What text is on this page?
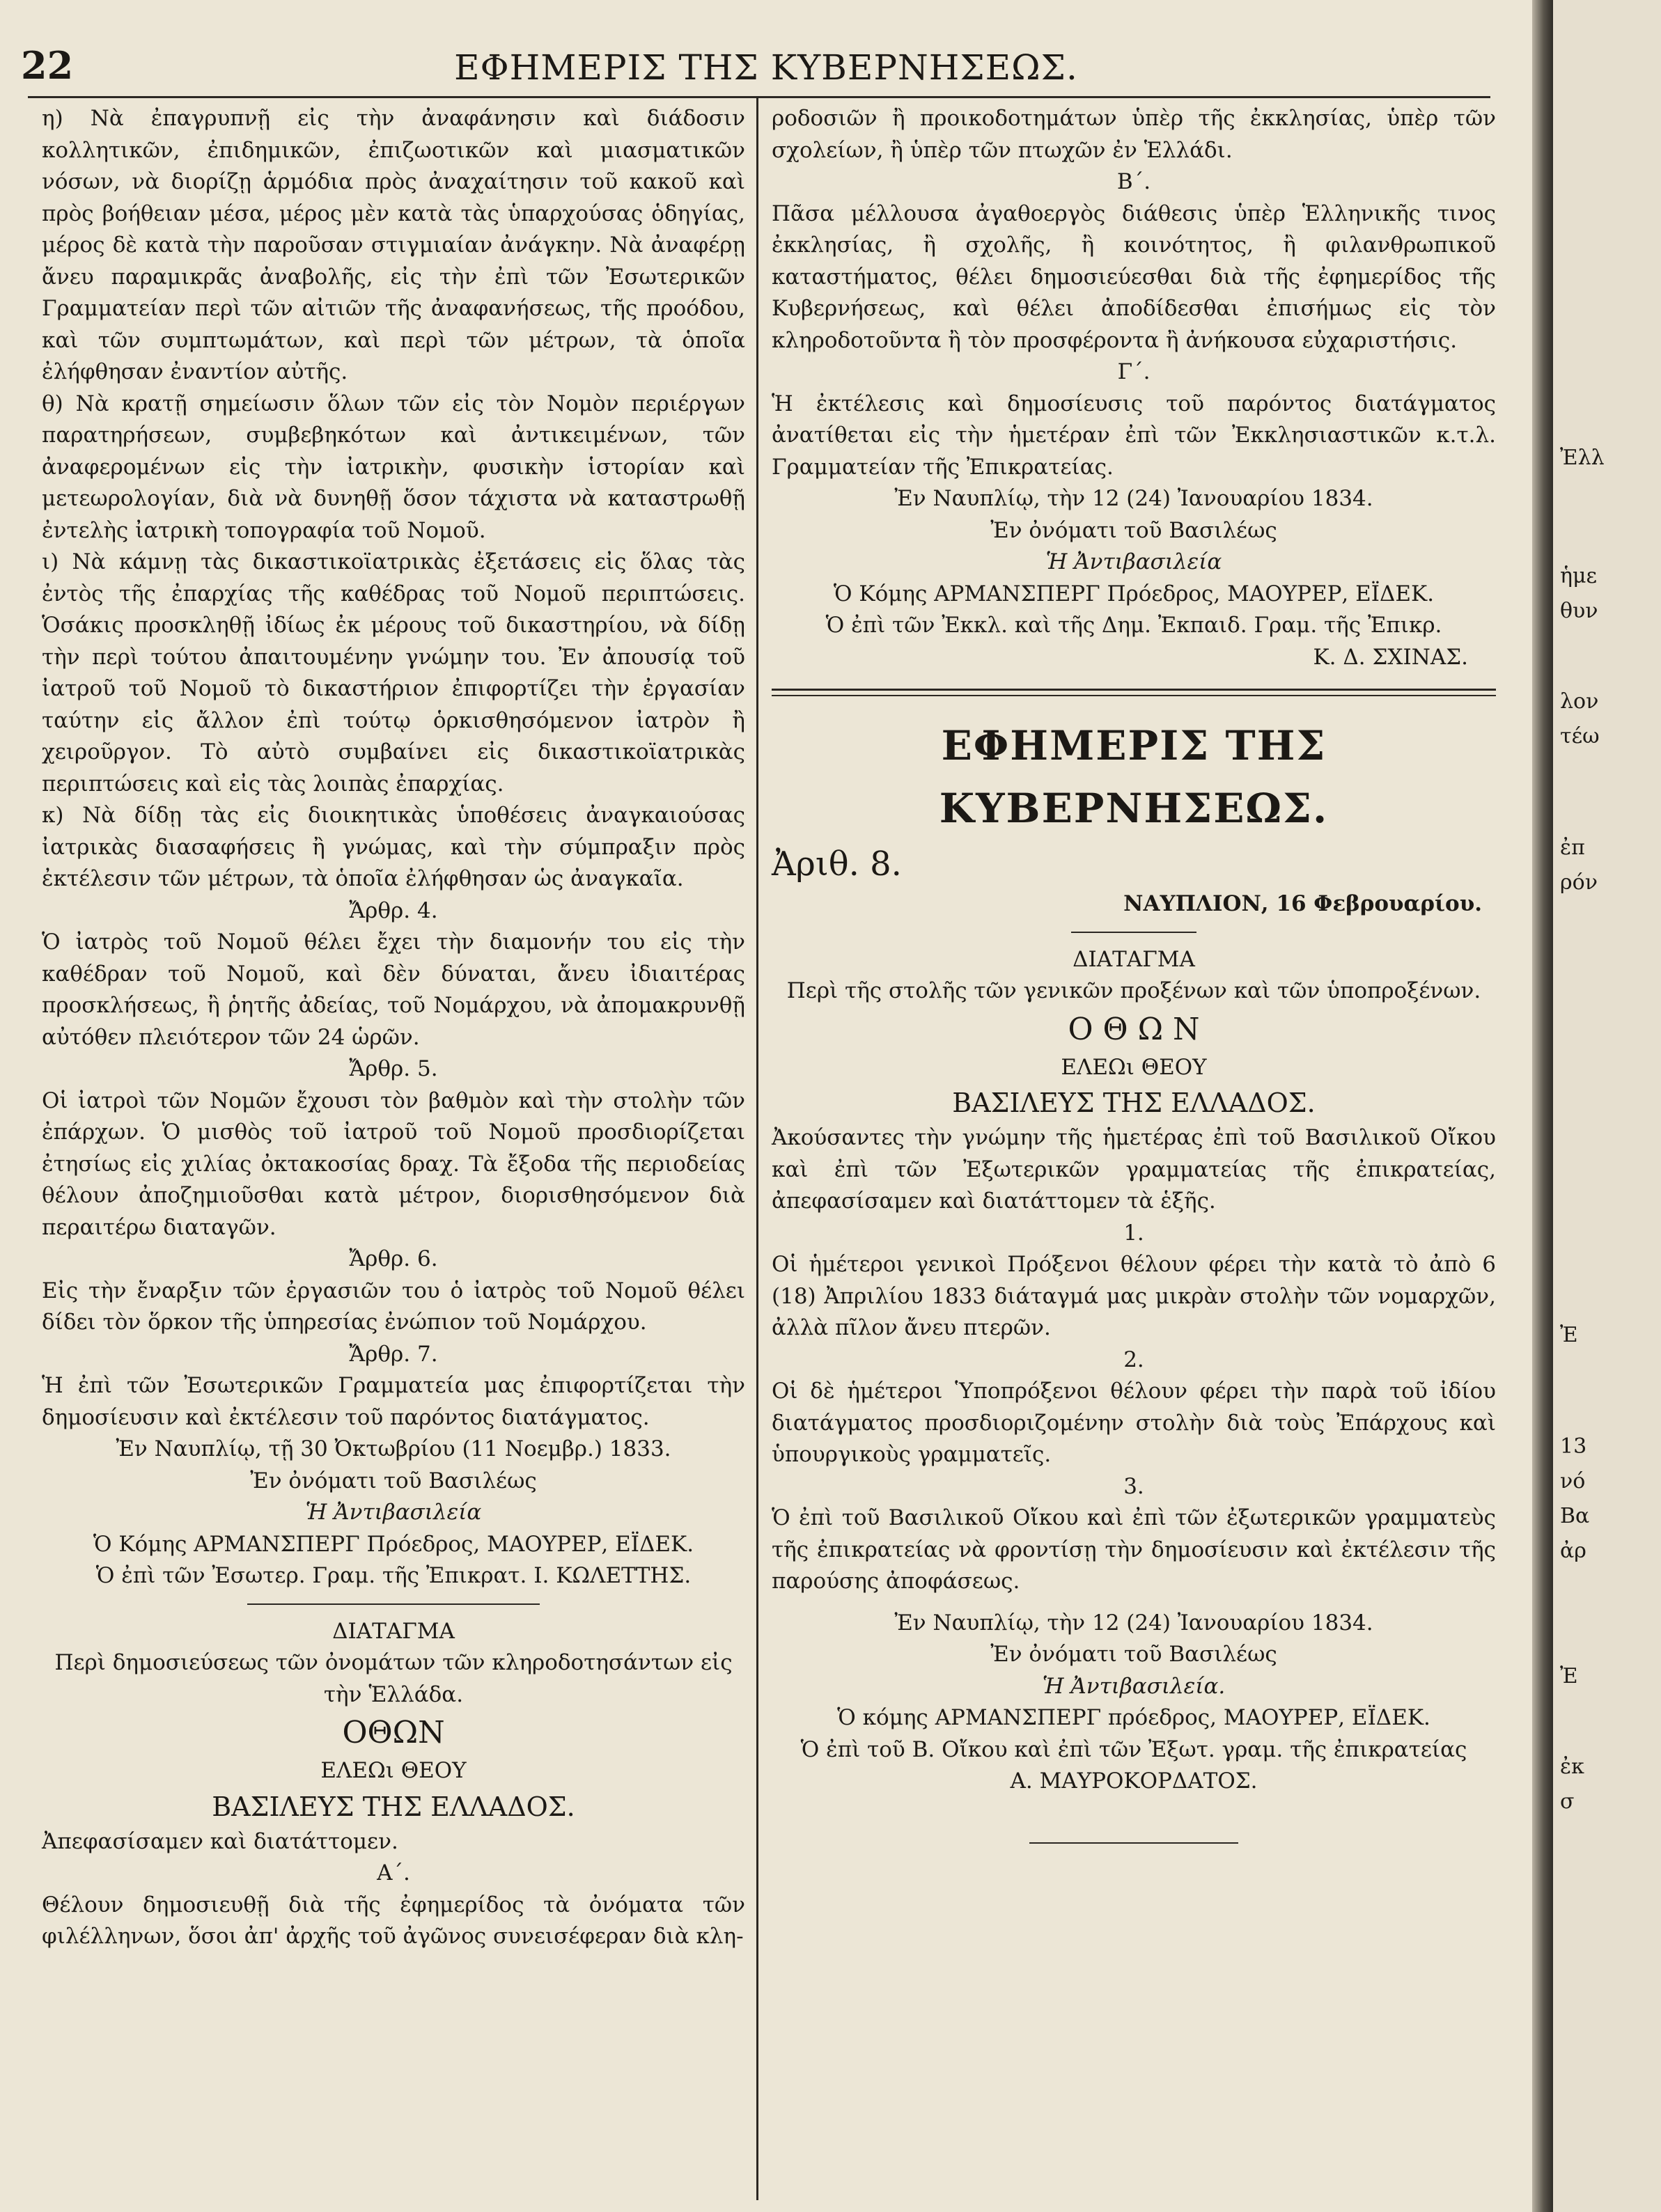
22	ΕΦΗΜΕΡΙΣ ΤΗΣ ΚΥΒΕΡΝΗΣΕΩΣ.
η) Νὰ ἐπαγρυπνῇ εἰς τὴν ἀναφάνησιν καὶ διάδοσιν κολλητικῶν, ἐπιδημικῶν, ἐπιζωοτικῶν καὶ μιασματικῶν νόσων, νὰ διορίζῃ ἁρμόδια πρὸς ἀναχαίτησιν τοῦ κακοῦ καὶ πρὸς βοήθειαν μέσα, μέρος μὲν κατὰ τὰς ὑπαρχούσας ὁδηγίας, μέρος δὲ κατὰ τὴν παροῦσαν στιγμιαίαν ἀνάγκην. Νὰ ἀναφέρῃ ἄνευ παραμικρᾶς ἀναβολῆς, εἰς τὴν ἐπὶ τῶν Ἐσωτερικῶν Γραμματείαν περὶ τῶν αἰτιῶν τῆς ἀναφανήσεως, τῆς προόδου, καὶ τῶν συμπτωμάτων, καὶ περὶ τῶν μέτρων, τὰ ὁποῖα ἐλήφθησαν ἐναντίον αὐτῆς.
θ) Νὰ κρατῇ σημείωσιν ὅλων τῶν εἰς τὸν Νομὸν περιέργων παρατηρήσεων, συμβεβηκότων καὶ ἀντικειμένων, τῶν ἀναφερομένων εἰς τὴν ἰατρικὴν, φυσικὴν ἱστορίαν καὶ μετεωρολογίαν, διὰ νὰ δυνηθῇ ὅσον τάχιστα νὰ καταστρωθῇ ἐντελὴς ἰατρικὴ τοπογραφία τοῦ Νομοῦ.
ι) Νὰ κάμνῃ τὰς δικαστικοϊατρικὰς ἐξετάσεις εἰς ὅλας τὰς ἐντὸς τῆς ἐπαρχίας τῆς καθέδρας τοῦ Νομοῦ περιπτώσεις. Ὁσάκις προσκληθῇ ἰδίως ἐκ μέρους τοῦ δικαστηρίου, νὰ δίδῃ τὴν περὶ τούτου ἀπαιτουμένην γνώμην του. Ἐν ἀπουσίᾳ τοῦ ἰατροῦ τοῦ Νομοῦ τὸ δικαστήριον ἐπιφορτίζει τὴν ἐργασίαν ταύτην εἰς ἄλλον ἐπὶ τούτῳ ὁρκισθησόμενον ἰατρὸν ἢ χειροῦργον. Τὸ αὐτὸ συμβαίνει εἰς δικαστικοϊατρικὰς περιπτώσεις καὶ εἰς τὰς λοιπὰς ἐπαρχίας.
κ) Νὰ δίδῃ τὰς εἰς διοικητικὰς ὑποθέσεις ἀναγκαιούσας ἰατρικὰς διασαφήσεις ἢ γνώμας, καὶ τὴν σύμπραξιν πρὸς ἐκτέλεσιν τῶν μέτρων, τὰ ὁποῖα ἐλήφθησαν ὡς ἀναγκαῖα.
Ἄρθρ. 4.
Ὁ ἰατρὸς τοῦ Νομοῦ θέλει ἔχει τὴν διαμονήν του εἰς τὴν καθέδραν τοῦ Νομοῦ, καὶ δὲν δύναται, ἄνευ ἰδιαιτέρας προσκλήσεως, ἢ ῥητῆς ἀδείας, τοῦ Νομάρχου, νὰ ἀπομακρυνθῇ αὐτόθεν πλειότερον τῶν 24 ὡρῶν.
Ἄρθρ. 5.
Οἱ ἰατροὶ τῶν Νομῶν ἔχουσι τὸν βαθμὸν καὶ τὴν στολὴν τῶν ἐπάρχων. Ὁ μισθὸς τοῦ ἰατροῦ τοῦ Νομοῦ προσδιορίζεται ἐτησίως εἰς χιλίας ὀκτακοσίας δραχ. Τὰ ἔξοδα τῆς περιοδείας θέλουν ἀποζημιοῦσθαι κατὰ μέτρον, διορισθησόμενον διὰ περαιτέρω διαταγῶν.
Ἄρθρ. 6.
Εἰς τὴν ἔναρξιν τῶν ἐργασιῶν του ὁ ἰατρὸς τοῦ Νομοῦ θέλει δίδει τὸν ὅρκον τῆς ὑπηρεσίας ἐνώπιον τοῦ Νομάρχου.
Ἄρθρ. 7.
Ἡ ἐπὶ τῶν Ἐσωτερικῶν Γραμματεία μας ἐπιφορτίζεται τὴν δημοσίευσιν καὶ ἐκτέλεσιν τοῦ παρόντος διατάγματος.
Ἐν Ναυπλίῳ, τῇ 30 Ὀκτωβρίου (11 Νοεμβρ.) 1833.
Ἐν ὀνόματι τοῦ Βασιλέως
Ἡ Ἀντιβασιλεία
Ὁ Κόμης ΑΡΜΑΝΣΠΕΡΓ Πρόεδρος, ΜΑΟΥΡΕΡ, ΕΪΔΕΚ.
Ὁ ἐπὶ τῶν Ἐσωτερ. Γραμ. τῆς Ἐπικρατ. Ι. ΚΩΛΕΤΤΗΣ.
ΔΙΑΤΑΓΜΑ
Περὶ δημοσιεύσεως τῶν ὀνομάτων τῶν κληροδοτησάντων εἰς τὴν Ἑλλάδα.
ΟΘΩΝ
ΕΛΕΩι ΘΕΟΥ
ΒΑΣΙΛΕΥΣ ΤΗΣ ΕΛΛΑΔΟΣ.
Ἀπεφασίσαμεν καὶ διατάττομεν.
Α΄.
Θέλουν δημοσιευθῇ διὰ τῆς ἐφημερίδος τὰ ὀνόματα τῶν φιλέλληνων, ὅσοι ἀπ' ἀρχῆς τοῦ ἀγῶνος συνεισέφεραν διὰ κλη-
ροδοσιῶν ἢ προικοδοτημάτων ὑπὲρ τῆς ἐκκλησίας, ὑπὲρ τῶν σχολείων, ἢ ὑπὲρ τῶν πτωχῶν ἐν Ἑλλάδι.
Β΄.
Πᾶσα μέλλουσα ἀγαθοεργὸς διάθεσις ὑπὲρ Ἑλληνικῆς τινος ἐκκλησίας, ἢ σχολῆς, ἢ κοινότητος, ἢ φιλανθρωπικοῦ καταστήματος, θέλει δημοσιεύεσθαι διὰ τῆς ἐφημερίδος τῆς Κυβερνήσεως, καὶ θέλει ἀποδίδεσθαι ἐπισήμως εἰς τὸν κληροδοτοῦντα ἢ τὸν προσφέροντα ἢ ἀνήκουσα εὐχαριστήσις.
Γ΄.
Ἡ ἐκτέλεσις καὶ δημοσίευσις τοῦ παρόντος διατάγματος ἀνατίθεται εἰς τὴν ἡμετέραν ἐπὶ τῶν Ἐκκλησιαστικῶν κ.τ.λ. Γραμματείαν τῆς Ἐπικρατείας.
Ἐν Ναυπλίῳ, τὴν 12 (24) Ἰανουαρίου 1834.
Ἐν ὀνόματι τοῦ Βασιλέως
Ἡ Ἀντιβασιλεία
Ὁ Κόμης ΑΡΜΑΝΣΠΕΡΓ Πρόεδρος, ΜΑΟΥΡΕΡ, ΕΪΔΕΚ.
Ὁ ἐπὶ τῶν Ἐκκλ. καὶ τῆς Δημ. Ἐκπαιδ. Γραμ. τῆς Ἐπικρ.
Κ. Δ. ΣΧΙΝΑΣ.
ΕΦΗΜΕΡΙΣ ΤΗΣ ΚΥΒΕΡΝΗΣΕΩΣ.
Ἀριθ. 8.
ΝΑΥΠΛΙΟΝ, 16 Φεβρουαρίου.
ΔΙΑΤΑΓΜΑ
Περὶ τῆς στολῆς τῶν γενικῶν προξένων καὶ τῶν ὑποπροξένων.
Ο Θ Ω Ν
ΕΛΕΩι ΘΕΟΥ
ΒΑΣΙΛΕΥΣ ΤΗΣ ΕΛΛΑΔΟΣ.
Ἀκούσαντες τὴν γνώμην τῆς ἡμετέρας ἐπὶ τοῦ Βασιλικοῦ Οἴκου καὶ ἐπὶ τῶν Ἐξωτερικῶν γραμματείας τῆς ἐπικρατείας, ἀπεφασίσαμεν καὶ διατάττομεν τὰ ἑξῆς.
1.
Οἱ ἡμέτεροι γενικοὶ Πρόξενοι θέλουν φέρει τὴν κατὰ τὸ ἀπὸ 6 (18) Ἀπριλίου 1833 διάταγμά μας μικρὰν στολὴν τῶν νομαρχῶν, ἀλλὰ πῖλον ἄνευ πτερῶν.
2.
Οἱ δὲ ἡμέτεροι Ὑποπρόξενοι θέλουν φέρει τὴν παρὰ τοῦ ἰδίου διατάγματος προσδιοριζομένην στολὴν διὰ τοὺς Ἐπάρχους καὶ ὑπουργικοὺς γραμματεῖς.
3.
Ὁ ἐπὶ τοῦ Βασιλικοῦ Οἴκου καὶ ἐπὶ τῶν ἐξωτερικῶν γραμματεὺς τῆς ἐπικρατείας νὰ φροντίσῃ τὴν δημοσίευσιν καὶ ἐκτέλεσιν τῆς παρούσης ἀποφάσεως.
Ἐν Ναυπλίῳ, τὴν 12 (24) Ἰανουαρίου 1834.
Ἐν ὀνόματι τοῦ Βασιλέως
Ἡ Ἀντιβασιλεία.
Ὁ κόμης ΑΡΜΑΝΣΠΕΡΓ πρόεδρος, ΜΑΟΥΡΕΡ, ΕΪΔΕΚ.
Ὁ ἐπὶ τοῦ Β. Οἴκου καὶ ἐπὶ τῶν Ἐξωτ. γραμ. τῆς ἐπικρατείας
Α. ΜΑΥΡΟΚΟΡΔΑΤΟΣ.
Ἐλλ
ἡμε
θυν
λον
τέω
ἐπ
ρόν
Ἐ
13
νό
Βα
ἀρ
Ἐ
ἐκ
σ
